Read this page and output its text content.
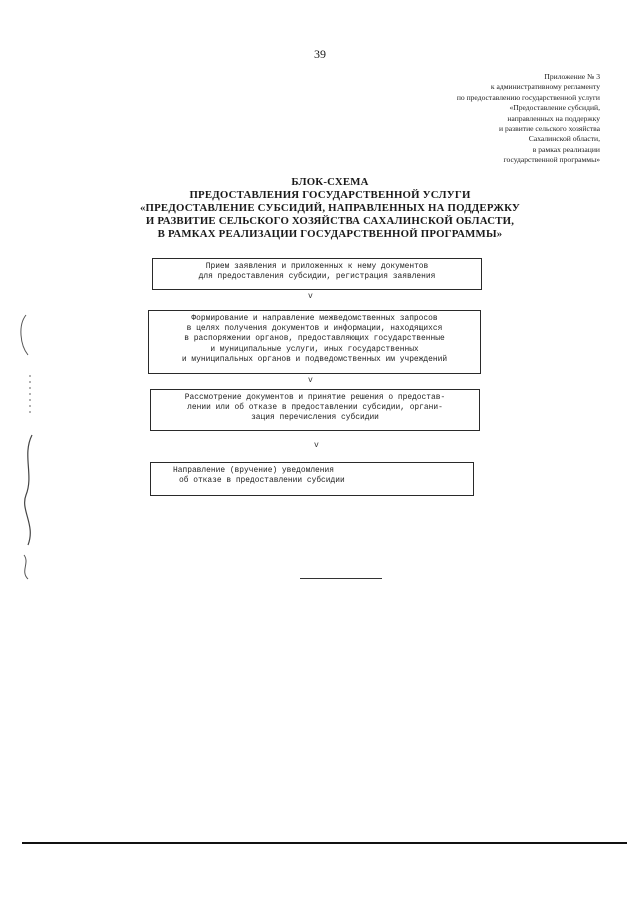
39
Приложение № 3
к административному регламенту
по предоставлению государственной услуги
«Предоставление субсидий,
направленных на поддержку
и развитие сельского хозяйства
Сахалинской области,
в рамках реализации
государственной программы»
БЛОК-СХЕМА
ПРЕДОСТАВЛЕНИЯ ГОСУДАРСТВЕННОЙ УСЛУГИ
«ПРЕДОСТАВЛЕНИЕ СУБСИДИЙ, НАПРАВЛЕННЫХ НА ПОДДЕРЖКУ
И РАЗВИТИЕ СЕЛЬСКОГО ХОЗЯЙСТВА САХАЛИНСКОЙ ОБЛАСТИ,
В РАМКАХ РЕАЛИЗАЦИИ ГОСУДАРСТВЕННОЙ ПРОГРАММЫ»
Прием заявления и приложенных к нему документов
для предоставления субсидии, регистрация заявления
v
Формирование и направление межведомственных запросов
в целях получения документов и информации, находящихся
в распоряжении органов, предоставляющих государственные
и муниципальные услуги, иных государственных
и муниципальных органов и подведомственных им учреждений
v
Рассмотрение документов и принятие решения о предостав-
лении или об отказе в предоставлении субсидии, органи-
зация перечисления субсидии
v
Направление (вручение) уведомления
об отказе в предоставлении субсидии
